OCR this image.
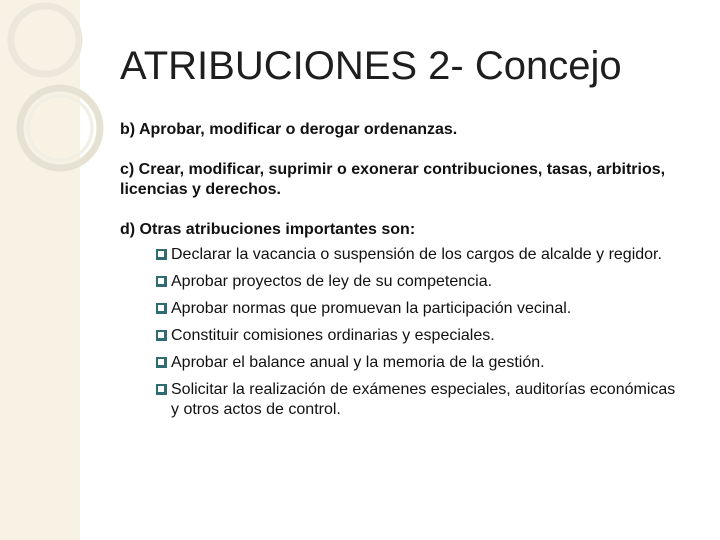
ATRIBUCIONES 2- Concejo

b) Aprobar, modificar o derogar ordenanzas.

c) Crear, modificar, suprimir o exonerar contribuciones, tasas, arbitrios, licencias y derechos.

d) Otras atribuciones importantes son:

Declarar la vacancia o suspensión de los cargos de alcalde y regidor.
Aprobar proyectos de ley de su competencia.
Aprobar normas que promuevan la participación vecinal.
Constituir comisiones ordinarias y especiales.
Aprobar el balance anual y la memoria de la gestión.
Solicitar la realización de exámenes especiales, auditorías económicas y otros actos de control.
